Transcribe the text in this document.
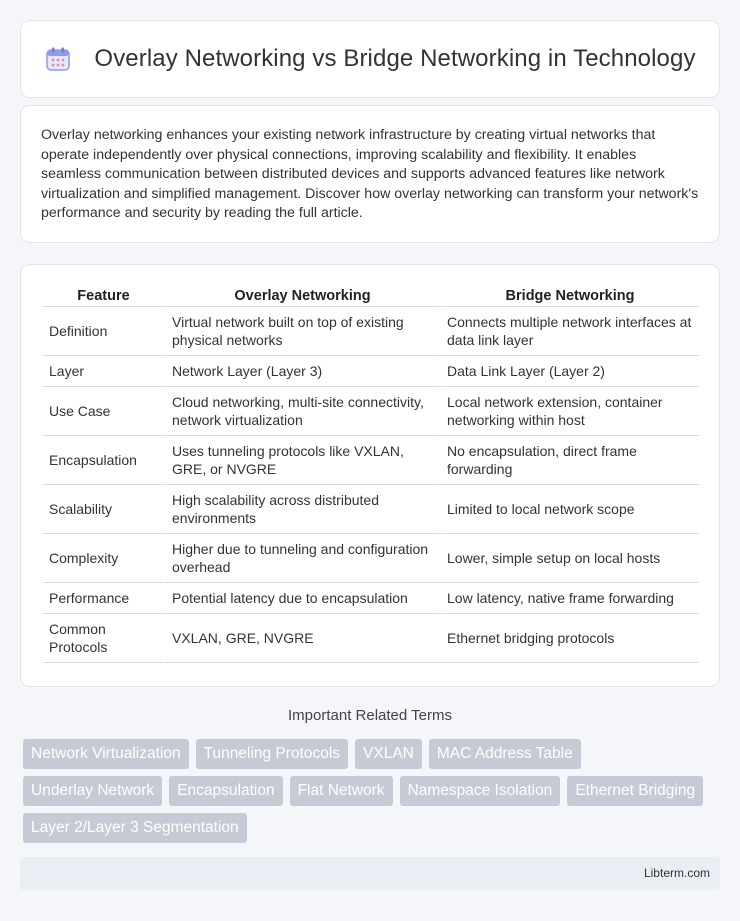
Overlay Networking vs Bridge Networking in Technology

Overlay networking enhances your existing network infrastructure by creating virtual networks that operate independently over physical connections, improving scalability and flexibility. It enables seamless communication between distributed devices and supports advanced features like network virtualization and simplified management. Discover how overlay networking can transform your network's performance and security by reading the full article.

Feature	Overlay Networking	Bridge Networking
Definition	Virtual network built on top of existing physical networks	Connects multiple network interfaces at data link layer
Layer	Network Layer (Layer 3)	Data Link Layer (Layer 2)
Use Case	Cloud networking, multi-site connectivity, network virtualization	Local network extension, container networking within host
Encapsulation	Uses tunneling protocols like VXLAN, GRE, or NVGRE	No encapsulation, direct frame forwarding
Scalability	High scalability across distributed environments	Limited to local network scope
Complexity	Higher due to tunneling and configuration overhead	Lower, simple setup on local hosts
Performance	Potential latency due to encapsulation	Low latency, native frame forwarding
Common Protocols	VXLAN, GRE, NVGRE	Ethernet bridging protocols
Important Related Terms
Network Virtualization	Tunneling Protocols	VXLAN	MAC Address Table
Underlay Network	Encapsulation	Flat Network	Namespace Isolation	Ethernet Bridging
Layer 2/Layer 3 Segmentation
Libterm.com
